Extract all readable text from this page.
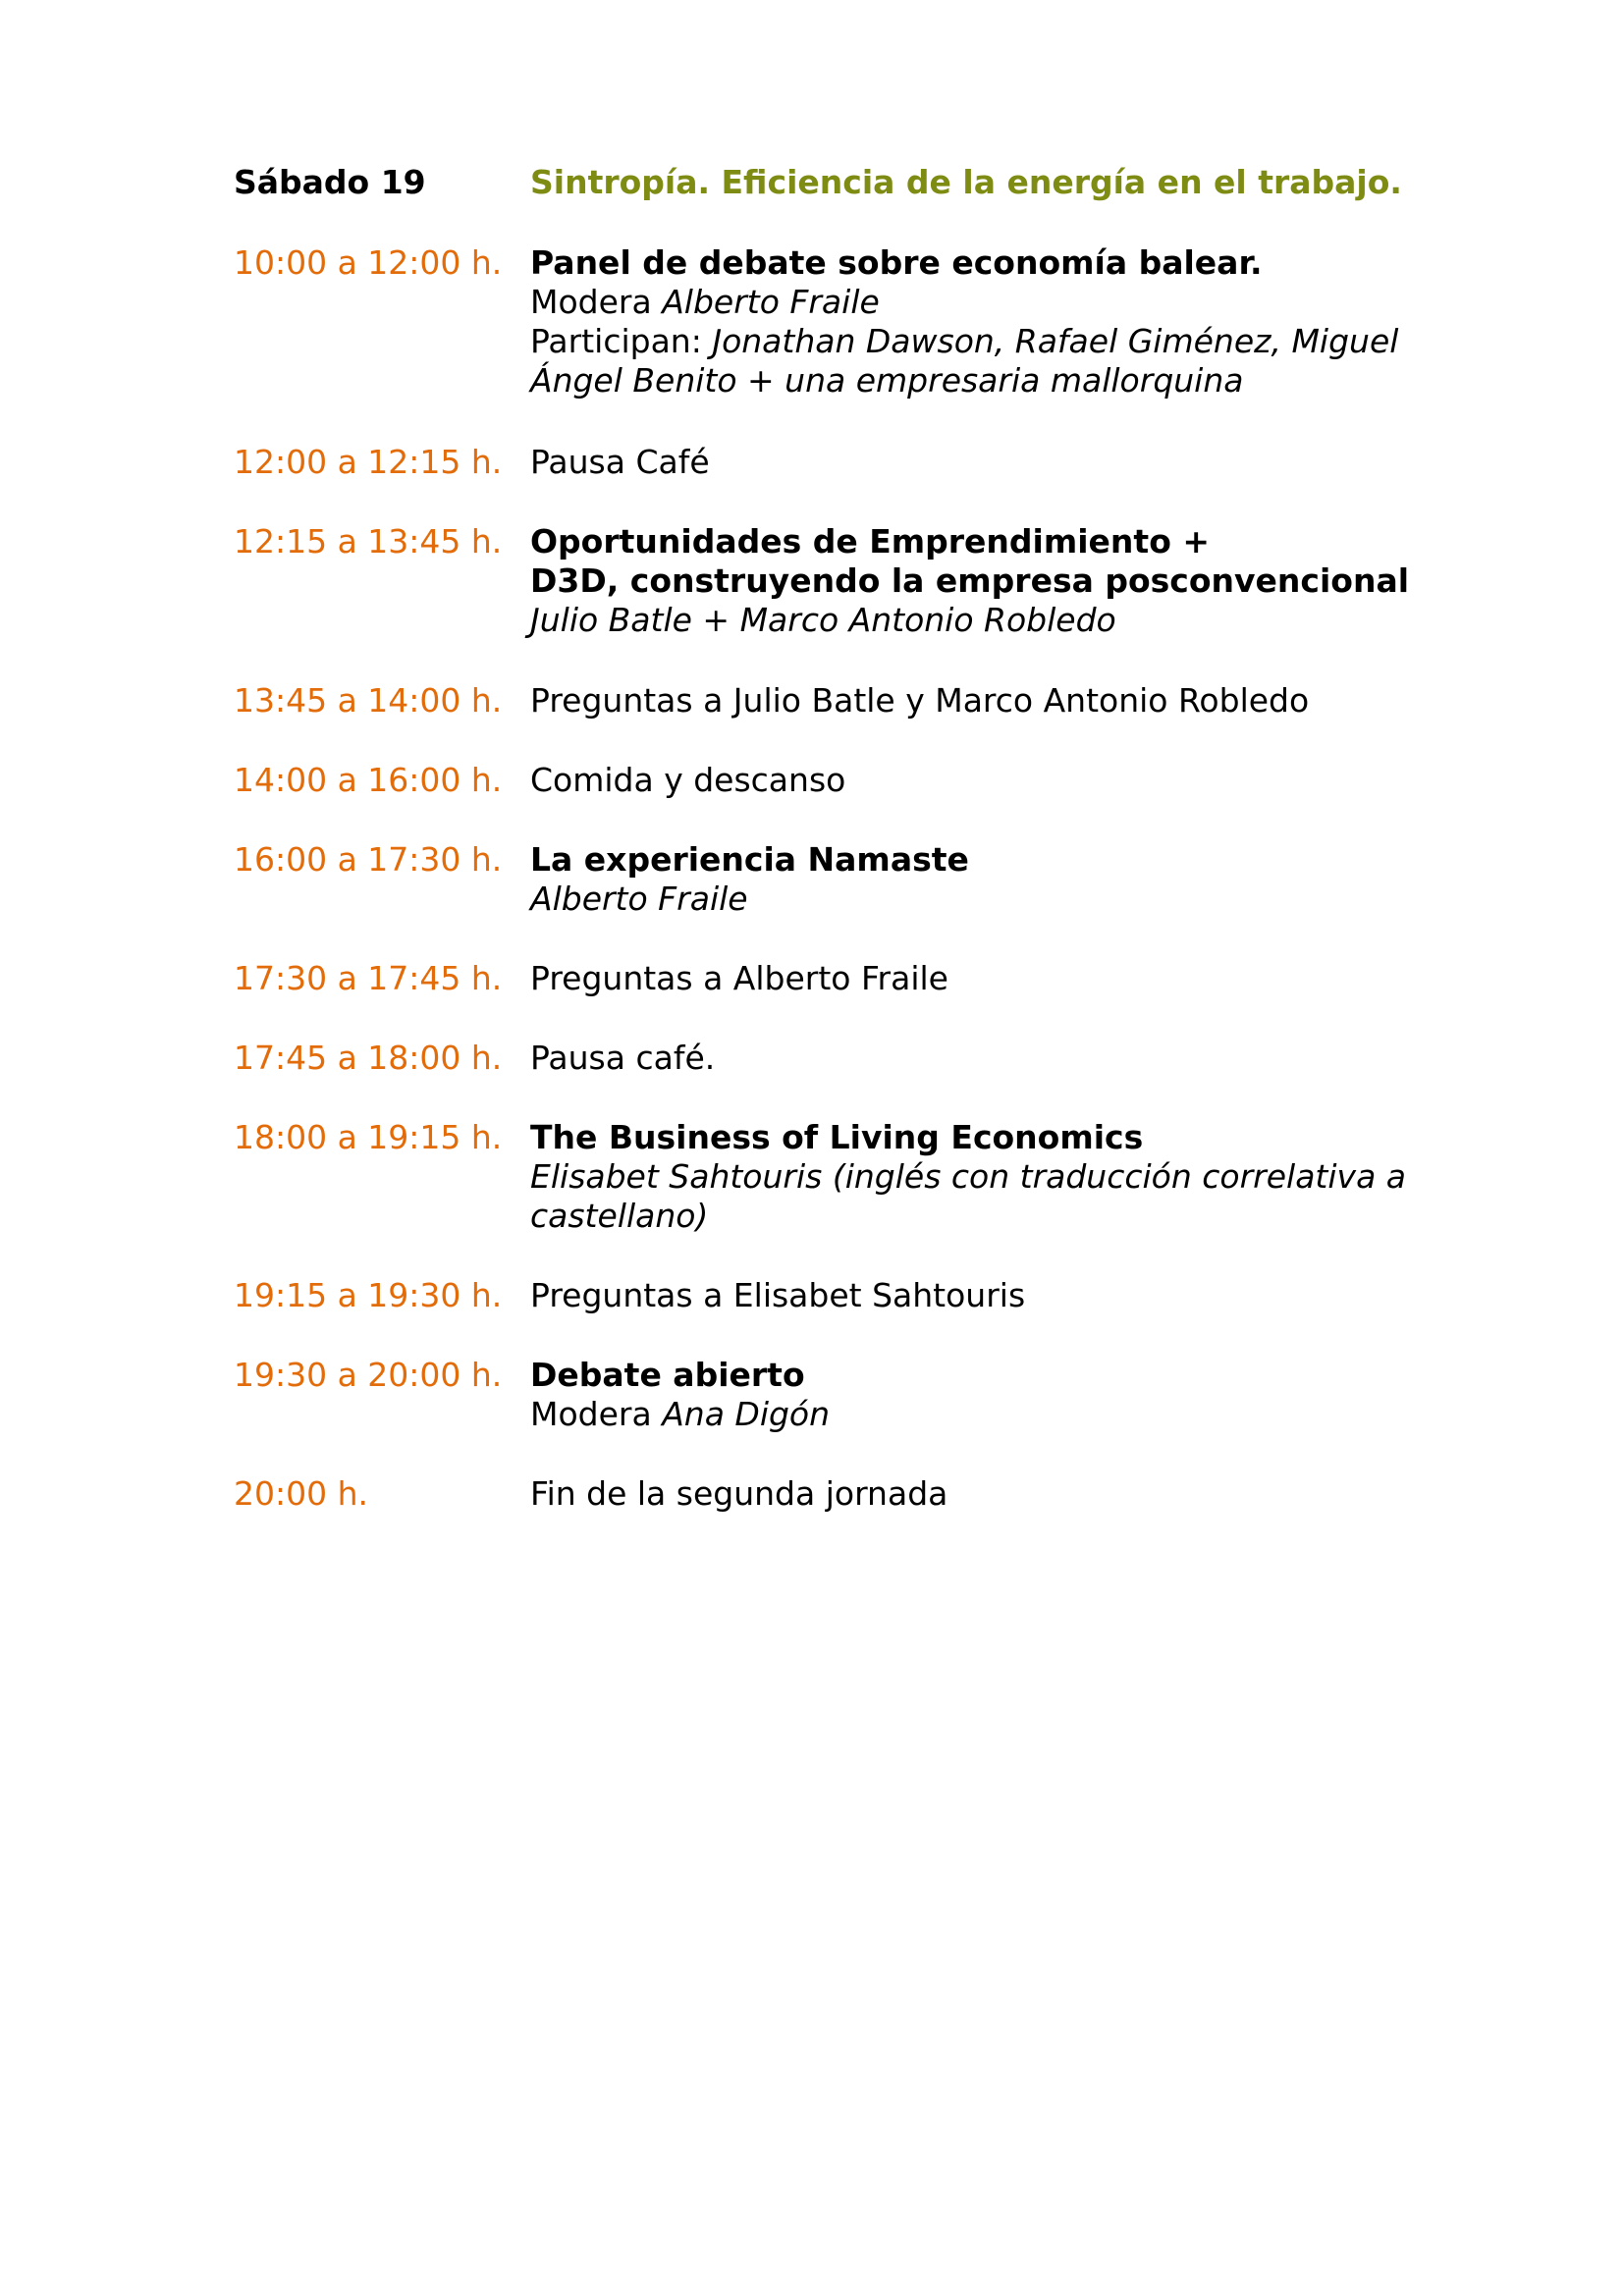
Sábado 19	Sintropía. Eficiencia de la energía en el trabajo.
10:00 a 12:00 h. Panel de debate sobre economía balear.
Modera Alberto Fraile
Participan: Jonathan Dawson, Rafael Giménez, Miguel
Ángel Benito + una empresaria mallorquina
12:00 a 12:15 h. Pausa Café
12:15 a 13:45 h. Oportunidades de Emprendimiento +
D3D, construyendo la empresa posconvencional
Julio Batle + Marco Antonio Robledo
13:45 a 14:00 h. Preguntas a Julio Batle y Marco Antonio Robledo
14:00 a 16:00 h. Comida y descanso
16:00 a 17:30 h. La experiencia Namaste
Alberto Fraile
17:30 a 17:45 h. Preguntas a Alberto Fraile
17:45 a 18:00 h. Pausa café.
18:00 a 19:15 h. The Business of Living Economics
Elisabet Sahtouris (inglés con traducción correlativa a
castellano)
19:15 a 19:30 h. Preguntas a Elisabet Sahtouris
19:30 a 20:00 h. Debate abierto
Modera Ana Digón
20:00 h.	Fin de la segunda jornada
